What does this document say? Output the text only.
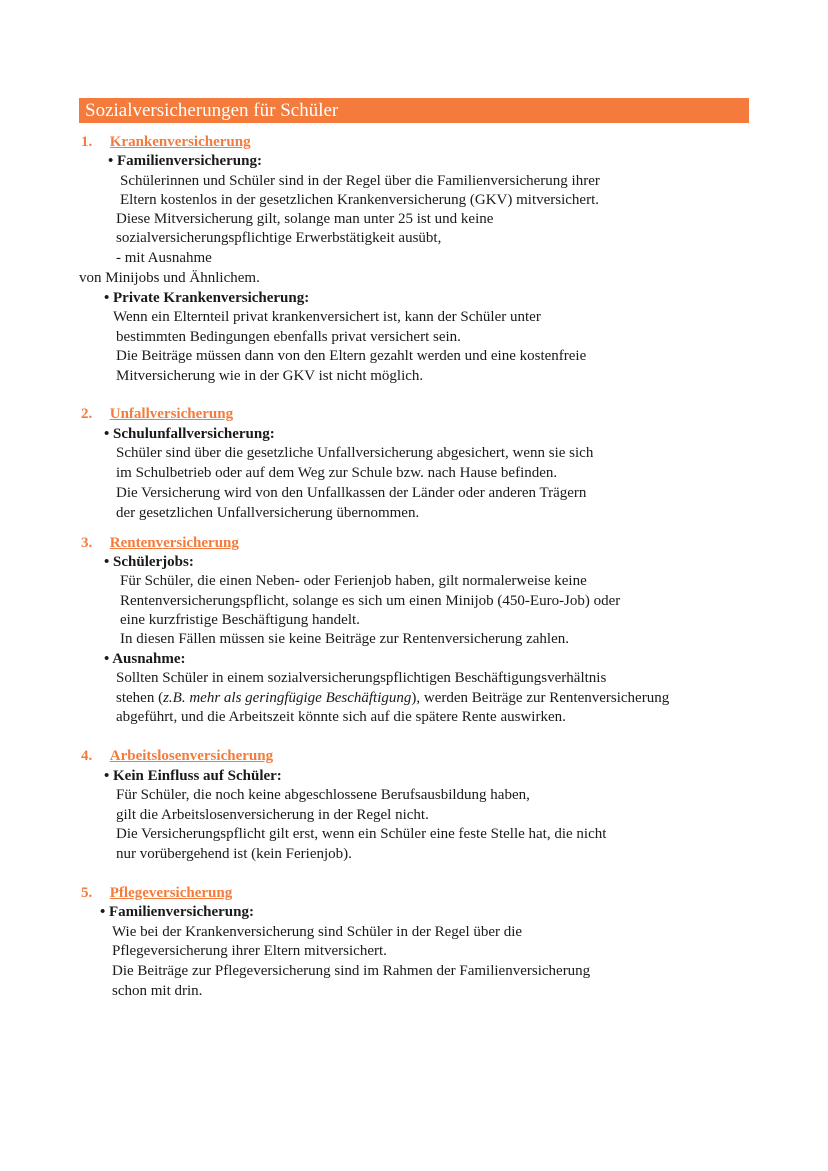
Sozialversicherungen für Schüler
1. Krankenversicherung
• Familienversicherung:
Schülerinnen und Schüler sind in der Regel über die Familienversicherung ihrer
Eltern kostenlos in der gesetzlichen Krankenversicherung (GKV) mitversichert.
Diese Mitversicherung gilt, solange man unter 25 ist und keine
sozialversicherungspflichtige Erwerbstätigkeit ausübt,
- mit Ausnahme
von Minijobs und Ähnlichem.
• Private Krankenversicherung:
Wenn ein Elternteil privat krankenversichert ist, kann der Schüler unter
bestimmten Bedingungen ebenfalls privat versichert sein.
Die Beiträge müssen dann von den Eltern gezahlt werden und eine kostenfreie
Mitversicherung wie in der GKV ist nicht möglich.
2. Unfallversicherung
• Schulunfallversicherung:
Schüler sind über die gesetzliche Unfallversicherung abgesichert, wenn sie sich
im Schulbetrieb oder auf dem Weg zur Schule bzw. nach Hause befinden.
Die Versicherung wird von den Unfallkassen der Länder oder anderen Trägern
der gesetzlichen Unfallversicherung übernommen.
3. Rentenversicherung
• Schülerjobs:
Für Schüler, die einen Neben- oder Ferienjob haben, gilt normalerweise keine
Rentenversicherungspflicht, solange es sich um einen Minijob (450-Euro-Job) oder
eine kurzfristige Beschäftigung handelt.
In diesen Fällen müssen sie keine Beiträge zur Rentenversicherung zahlen.
• Ausnahme:
Sollten Schüler in einem sozialversicherungspflichtigen Beschäftigungsverhältnis
stehen (z.B. mehr als geringfügige Beschäftigung), werden Beiträge zur Rentenversicherung
abgeführt, und die Arbeitszeit könnte sich auf die spätere Rente auswirken.
4. Arbeitslosenversicherung
• Kein Einfluss auf Schüler:
Für Schüler, die noch keine abgeschlossene Berufsausbildung haben,
gilt die Arbeitslosenversicherung in der Regel nicht.
Die Versicherungspflicht gilt erst, wenn ein Schüler eine feste Stelle hat, die nicht
nur vorübergehend ist (kein Ferienjob).
5. Pflegeversicherung
• Familienversicherung:
Wie bei der Krankenversicherung sind Schüler in der Regel über die
Pflegeversicherung ihrer Eltern mitversichert.
Die Beiträge zur Pflegeversicherung sind im Rahmen der Familienversicherung
schon mit drin.
